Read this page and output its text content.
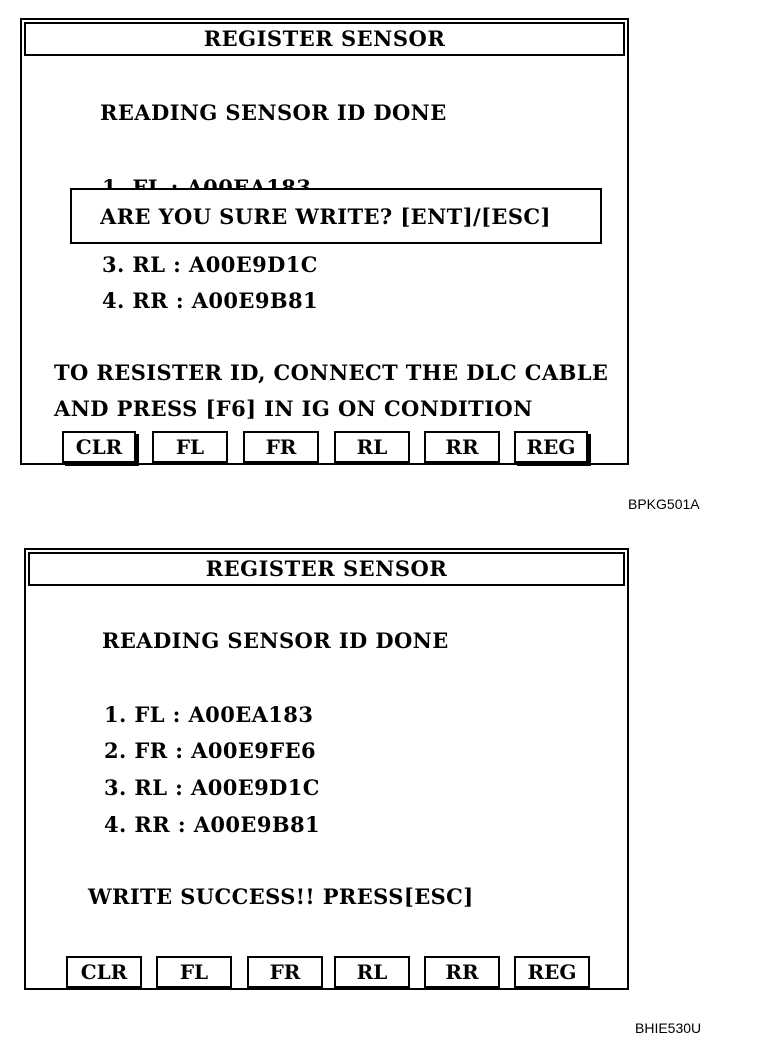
REGISTER SENSOR
READING SENSOR ID DONE
3. RL : A00E9D1C
4. RR : A00E9B81
TO RESISTER ID, CONNECT THE DLC CABLE
AND PRESS [F6] IN IG ON CONDITION
CLR	FL	FR	RL	RR	REG
ARE YOU SURE WRITE? [ENT]/[ESC]
BPKG501A
REGISTER SENSOR
READING SENSOR ID DONE
1. FL : A00EA183
2. FR : A00E9FE6
3. RL : A00E9D1C
4. RR : A00E9B81
WRITE SUCCESS!! PRESS[ESC]
CLR	FL	FR	RL	RR	REG
BHIE530U
